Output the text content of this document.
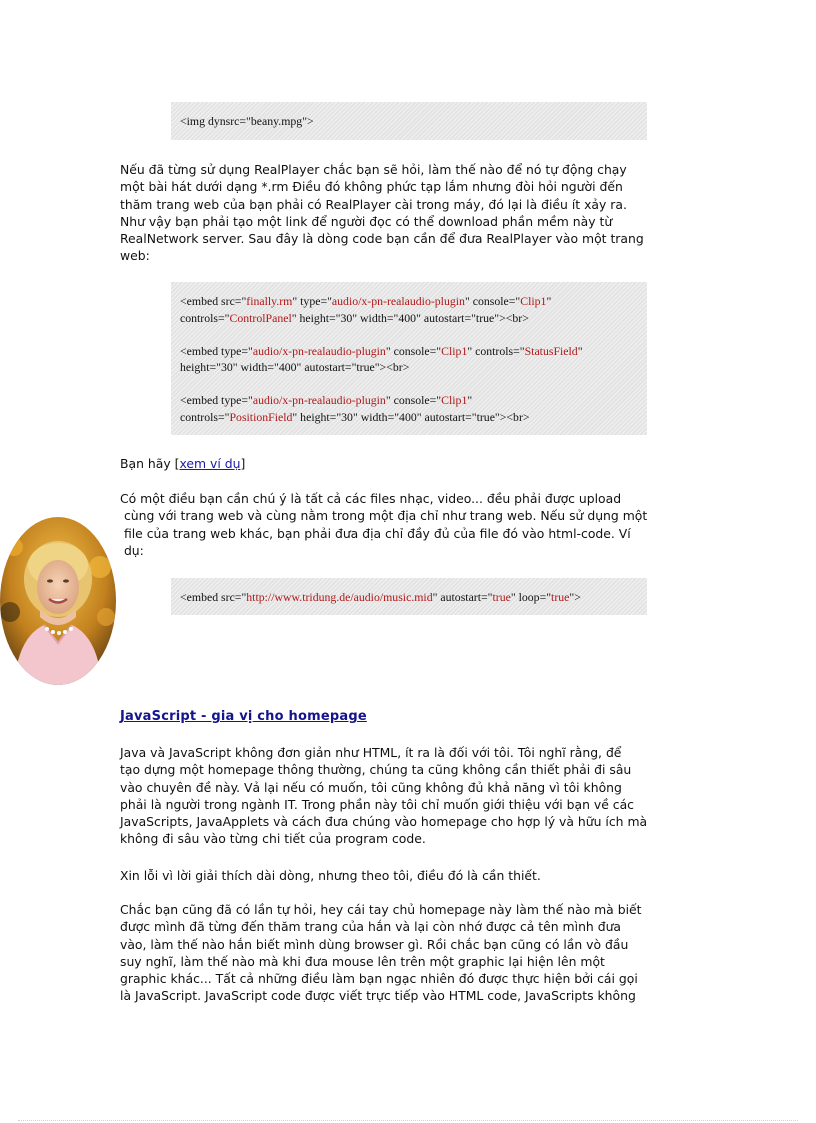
<img dynsrc="beany.mpg">
Nếu đã từng sử dụng RealPlayer chắc bạn sẽ hỏi, làm thế nào để nó tự động chạy
một bài hát dưới dạng *.rm Điều đó không phức tạp lắm nhưng đòi hỏi người đến
thăm trang web của bạn phải có RealPlayer cài trong máy, đó lại là điều ít xảy ra.
Như vậy bạn phải tạo một link để người đọc có thể download phần mềm này từ
RealNetwork server. Sau đây là dòng code bạn cần để đưa RealPlayer vào một trang
web:
<embed src="finally.rm" type="audio/x-pn-realaudio-plugin" console="Clip1"
controls="ControlPanel" height="30" width="400" autostart="true"><br>
<embed type="audio/x-pn-realaudio-plugin" console="Clip1" controls="StatusField"
height="30" width="400" autostart="true"><br>
<embed type="audio/x-pn-realaudio-plugin" console="Clip1"
controls="PositionField" height="30" width="400" autostart="true"><br>
Bạn hãy [xem ví dụ]
Có một điều bạn cần chú ý là tất cả các files nhạc, video... đều phải được upload
cùng với trang web và cùng nằm trong một địa chỉ như trang web. Nếu sử dụng một
file của trang web khác, bạn phải đưa địa chỉ đầy đủ của file đó vào html-code. Ví
dụ:
<embed src="http://www.tridung.de/audio/music.mid" autostart="true" loop="true">
JavaScript - gia vị cho homepage
Java và JavaScript không đơn giản như HTML, ít ra là đối với tôi. Tôi nghĩ rằng, để
tạo dựng một homepage thông thường, chúng ta cũng không cần thiết phải đi sâu
vào chuyên đề này. Vả lại nếu có muốn, tôi cũng không đủ khả năng vì tôi không
phải là người trong ngành IT. Trong phần này tôi chỉ muốn giới thiệu với bạn về các
JavaScripts, JavaApplets và cách đưa chúng vào homepage cho hợp lý và hữu ích mà
không đi sâu vào từng chi tiết của program code.
Xin lỗi vì lời giải thích dài dòng, nhưng theo tôi, điều đó là cần thiết.
Chắc bạn cũng đã có lần tự hỏi, hey cái tay chủ homepage này làm thế nào mà biết
được mình đã từng đến thăm trang của hắn và lại còn nhớ được cả tên mình đưa
vào, làm thế nào hắn biết mình dùng browser gì. Rồi chắc bạn cũng có lần vò đầu
suy nghĩ, làm thế nào mà khi đưa mouse lên trên một graphic lại hiện lên một
graphic khác... Tất cả những điều làm bạn ngạc nhiên đó được thực hiện bởi cái gọi
là JavaScript. JavaScript code được viết trực tiếp vào HTML code, JavaScripts không
